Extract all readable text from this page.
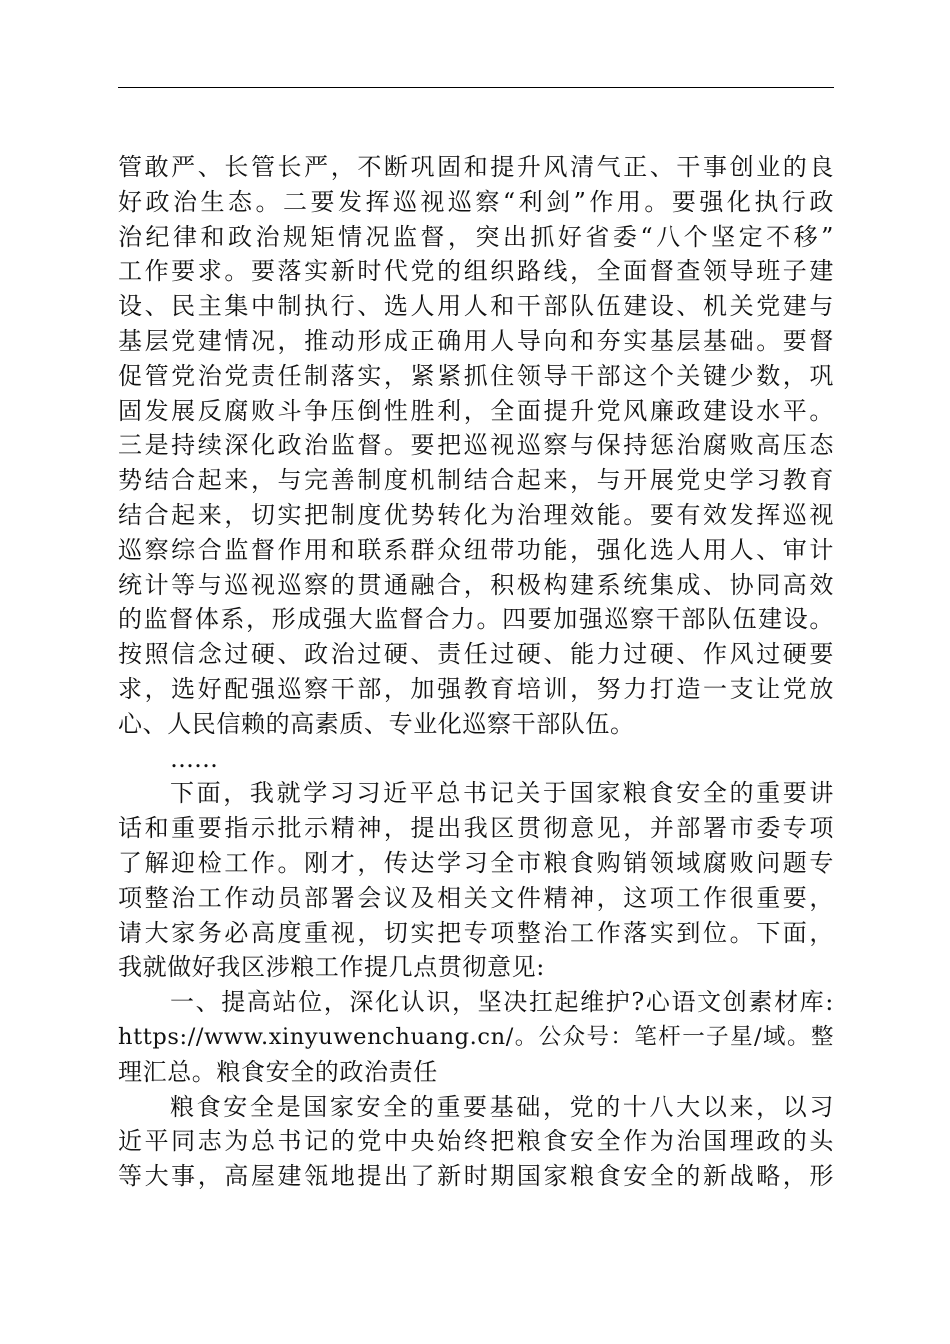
管敢严、长管长严，不断巩固和提升风清气正、干事创业的良
好政治生态。二要发挥巡视巡察“利剑”作用。要强化执行政
治纪律和政治规矩情况监督，突出抓好省委“八个坚定不移”
工作要求。要落实新时代党的组织路线，全面督查领导班子建
设、民主集中制执行、选人用人和干部队伍建设、机关党建与
基层党建情况，推动形成正确用人导向和夯实基层基础。要督
促管党治党责任制落实，紧紧抓住领导干部这个关键少数，巩
固发展反腐败斗争压倒性胜利，全面提升党风廉政建设水平。
三是持续深化政治监督。要把巡视巡察与保持惩治腐败高压态
势结合起来，与完善制度机制结合起来，与开展党史学习教育
结合起来，切实把制度优势转化为治理效能。要有效发挥巡视
巡察综合监督作用和联系群众纽带功能，强化选人用人、审计
统计等与巡视巡察的贯通融合，积极构建系统集成、协同高效
的监督体系，形成强大监督合力。四要加强巡察干部队伍建设。
按照信念过硬、政治过硬、责任过硬、能力过硬、作风过硬要
求，选好配强巡察干部，加强教育培训，努力打造一支让党放
心、人民信赖的高素质、专业化巡察干部队伍。
……
下面，我就学习习近平总书记关于国家粮食安全的重要讲
话和重要指示批示精神，提出我区贯彻意见，并部署市委专项
了解迎检工作。刚才，传达学习全市粮食购销领域腐败问题专
项整治工作动员部署会议及相关文件精神，这项工作很重要，
请大家务必高度重视，切实把专项整治工作落实到位。下面，
我就做好我区涉粮工作提几点贯彻意见:
一、提高站位，深化认识，坚决扛起维护?心语文创素材库:
https://www.xinyuwenchuang.cn/。公众号：笔杆一子星/域。整
理汇总。粮食安全的政治责任
粮食安全是国家安全的重要基础，党的十八大以来，以习
近平同志为总书记的党中央始终把粮食安全作为治国理政的头
等大事，高屋建瓴地提出了新时期国家粮食安全的新战略，形
